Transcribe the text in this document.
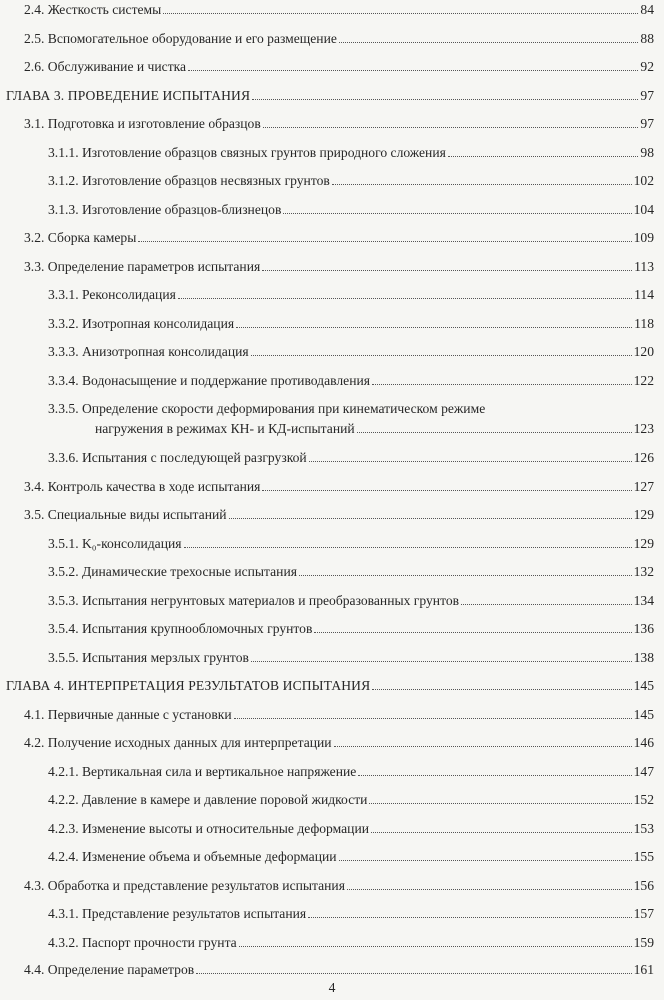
2.4. Жесткость системы	84
2.5. Вспомогательное оборудование и его размещение	88
2.6. Обслуживание и чистка	92
ГЛАВА 3. ПРОВЕДЕНИЕ ИСПЫТАНИЯ	97
3.1. Подготовка и изготовление образцов	97
3.1.1. Изготовление образцов связных грунтов природного сложения	98
3.1.2. Изготовление образцов несвязных грунтов	102
3.1.3. Изготовление образцов-близнецов	104
3.2. Сборка камеры	109
3.3. Определение параметров испытания	113
3.3.1. Реконсолидация	114
3.3.2. Изотропная консолидация	118
3.3.3. Анизотропная консолидация	120
3.3.4. Водонасыщение и поддержание противодавления	122
3.3.5. Определение скорости деформирования при кинематическом режиме
нагружения в режимах КН- и КД-испытаний	123
3.3.6. Испытания с последующей разгрузкой	126
3.4. Контроль качества в ходе испытания	127
3.5. Специальные виды испытаний	129
3.5.1. K₀-консолидация	129
3.5.2. Динамические трехосные испытания	132
3.5.3. Испытания негрунтовых материалов и преобразованных грунтов	134
3.5.4. Испытания крупнообломочных грунтов	136
3.5.5. Испытания мерзлых грунтов	138
ГЛАВА 4. ИНТЕРПРЕТАЦИЯ РЕЗУЛЬТАТОВ ИСПЫТАНИЯ	145
4.1. Первичные данные с установки	145
4.2. Получение исходных данных для интерпретации	146
4.2.1. Вертикальная сила и вертикальное напряжение	147
4.2.2. Давление в камере и давление поровой жидкости	152
4.2.3. Изменение высоты и относительные деформации	153
4.2.4. Изменение объема и объемные деформации	155
4.3. Обработка и представление результатов испытания	156
4.3.1. Представление результатов испытания	157
4.3.2. Паспорт прочности грунта	159
4.4. Определение параметров	161
4
